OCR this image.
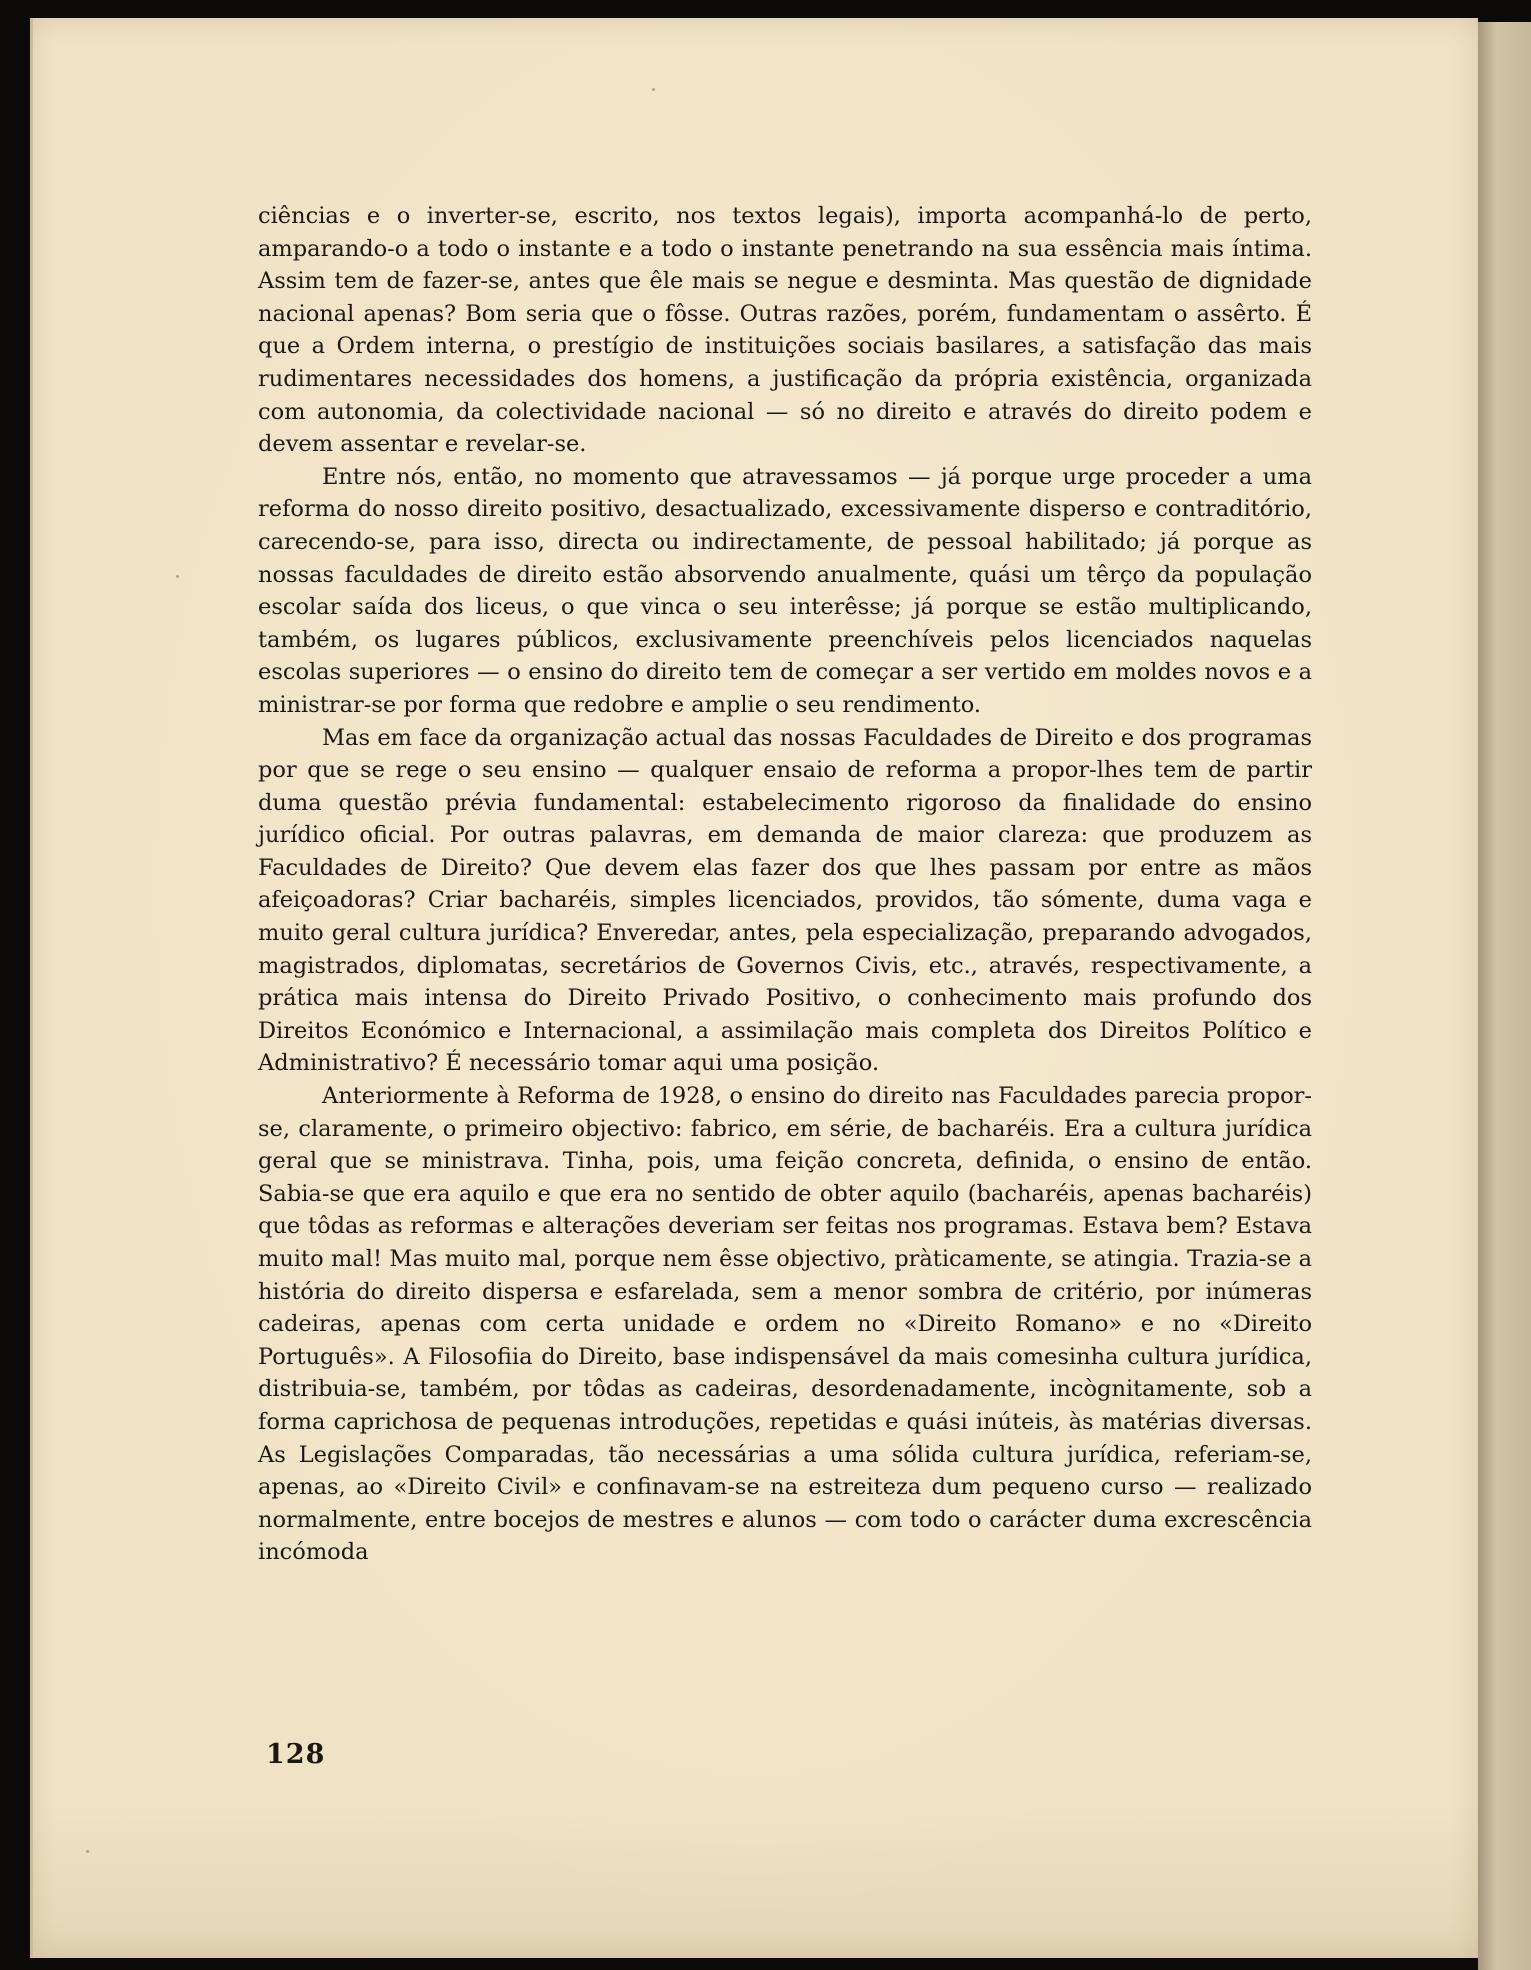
ciências e o inverter-se, escrito, nos textos legais), importa acompanhá-lo de perto, amparando-o a todo o instante e a todo o instante penetrando na sua essência mais íntima. Assim tem de fazer-se, antes que êle mais se negue e desminta. Mas questão de dignidade nacional apenas? Bom seria que o fôsse. Outras razões, porém, fundamentam o assêrto. É que a Ordem interna, o prestígio de instituições sociais basilares, a satisfação das mais rudimentares necessidades dos homens, a justificação da própria existência, organizada com autonomia, da colectividade nacional — só no direito e através do direito podem e devem assentar e revelar-se.

Entre nós, então, no momento que atravessamos — já porque urge proceder a uma reforma do nosso direito positivo, desactualizado, excessivamente disperso e contraditório, carecendo-se, para isso, directa ou indirectamente, de pessoal habilitado; já porque as nossas faculdades de direito estão absorvendo anualmente, quási um têrço da população escolar saída dos liceus, o que vinca o seu interêsse; já porque se estão multiplicando, também, os lugares públicos, exclusivamente preenchíveis pelos licenciados naquelas escolas superiores — o ensino do direito tem de começar a ser vertido em moldes novos e a ministrar-se por forma que redobre e amplie o seu rendimento.

Mas em face da organização actual das nossas Faculdades de Direito e dos programas por que se rege o seu ensino — qualquer ensaio de reforma a propor-lhes tem de partir duma questão prévia fundamental: estabelecimento rigoroso da finalidade do ensino jurídico oficial. Por outras palavras, em demanda de maior clareza: que produzem as Faculdades de Direito? Que devem elas fazer dos que lhes passam por entre as mãos afeiçoadoras? Criar bacharéis, simples licenciados, providos, tão sómente, duma vaga e muito geral cultura jurídica? Enveredar, antes, pela especialização, preparando advogados, magistrados, diplomatas, secretários de Governos Civis, etc., através, respectivamente, a prática mais intensa do Direito Privado Positivo, o conhecimento mais profundo dos Direitos Económico e Internacional, a assimilação mais completa dos Direitos Político e Administrativo? É necessário tomar aqui uma posição.

Anteriormente à Reforma de 1928, o ensino do direito nas Faculdades parecia propor-se, claramente, o primeiro objectivo: fabrico, em série, de bacharéis. Era a cultura jurídica geral que se ministrava. Tinha, pois, uma feição concreta, definida, o ensino de então. Sabia-se que era aquilo e que era no sentido de obter aquilo (bacharéis, apenas bacharéis) que tôdas as reformas e alterações deveriam ser feitas nos programas. Estava bem? Estava muito mal! Mas muito mal, porque nem êsse objectivo, pràticamente, se atingia. Trazia-se a história do direito dispersa e esfarelada, sem a menor sombra de critério, por inúmeras cadeiras, apenas com certa unidade e ordem no «Direito Romano» e no «Direito Português». A Filosofiia do Direito, base indispensável da mais comesinha cultura jurídica, distribuia-se, também, por tôdas as cadeiras, desordenadamente, incògnitamente, sob a forma caprichosa de pequenas introduções, repetidas e quási inúteis, às matérias diversas. As Legislações Comparadas, tão necessárias a uma sólida cultura jurídica, referiam-se, apenas, ao «Direito Civil» e confinavam-se na estreiteza dum pequeno curso — realizado normalmente, entre bocejos de mestres e alunos — com todo o carácter duma excrescência incómoda

128
